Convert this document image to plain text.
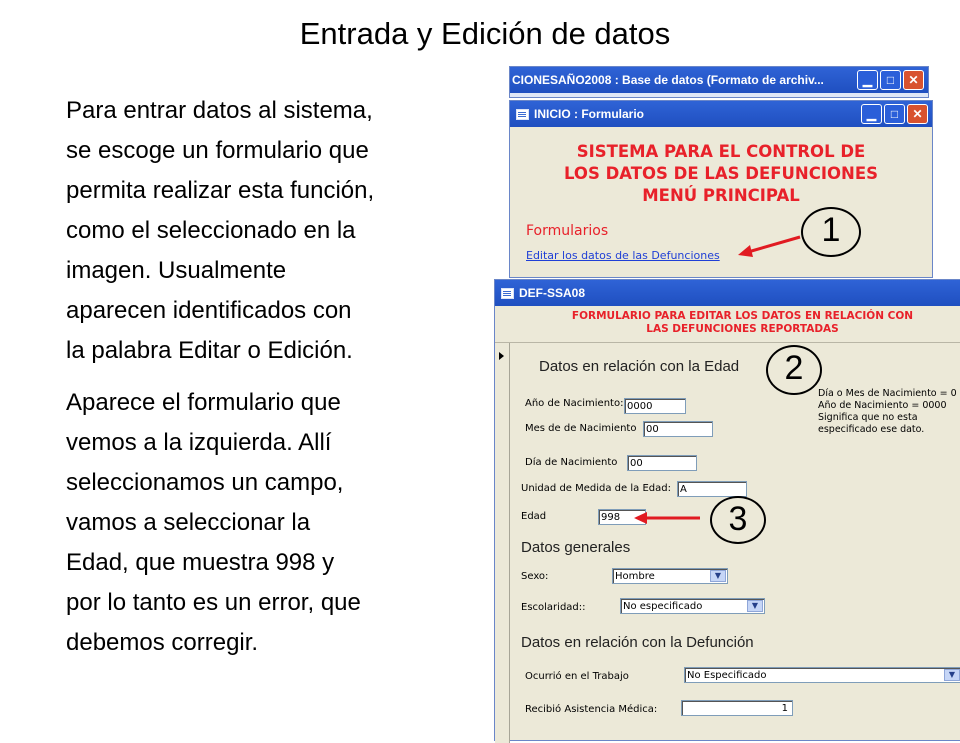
Entrada y Edición de datos
Para entrar datos al sistema,
se escoge un formulario que
permita realizar esta función,
como el seleccionado en la
imagen. Usualmente
aparecen identificados con
la palabra Editar o Edición.
Aparece el formulario que
vemos a la izquierda. Allí
seleccionamos un campo,
vamos a seleccionar la
Edad, que muestra 998 y
por lo tanto es un error, que
debemos corregir.
CIONESAÑO2008 : Base de datos (Formato de archiv...	▁	□	✕
INICIO : Formulario	▁	□	✕
SISTEMA PARA EL CONTROL DE
LOS DATOS DE LAS DEFUNCIONES
MENÚ PRINCIPAL
Formularios
Editar los datos de las Defunciones
DEF-SSA08
FORMULARIO PARA EDITAR LOS DATOS EN RELACIÓN CON
LAS DEFUNCIONES REPORTADAS
Datos en relación con la Edad
Día o Mes de Nacimiento = 0
Año de Nacimiento = 0000
Significa que no esta
especificado ese dato.
Año de Nacimiento: 0000
Mes de de Nacimiento 00
Día de Nacimiento	00
Unidad de Medida de la Edad: A
Edad	998
Datos generales
Sexo:	Hombre	▼
Escolaridad::	No especificado	▼
Datos en relación con la Defunción
Ocurrió en el Trabajo	No Especificado	▼
Recibió Asistencia Médica:	1
1
2
3
